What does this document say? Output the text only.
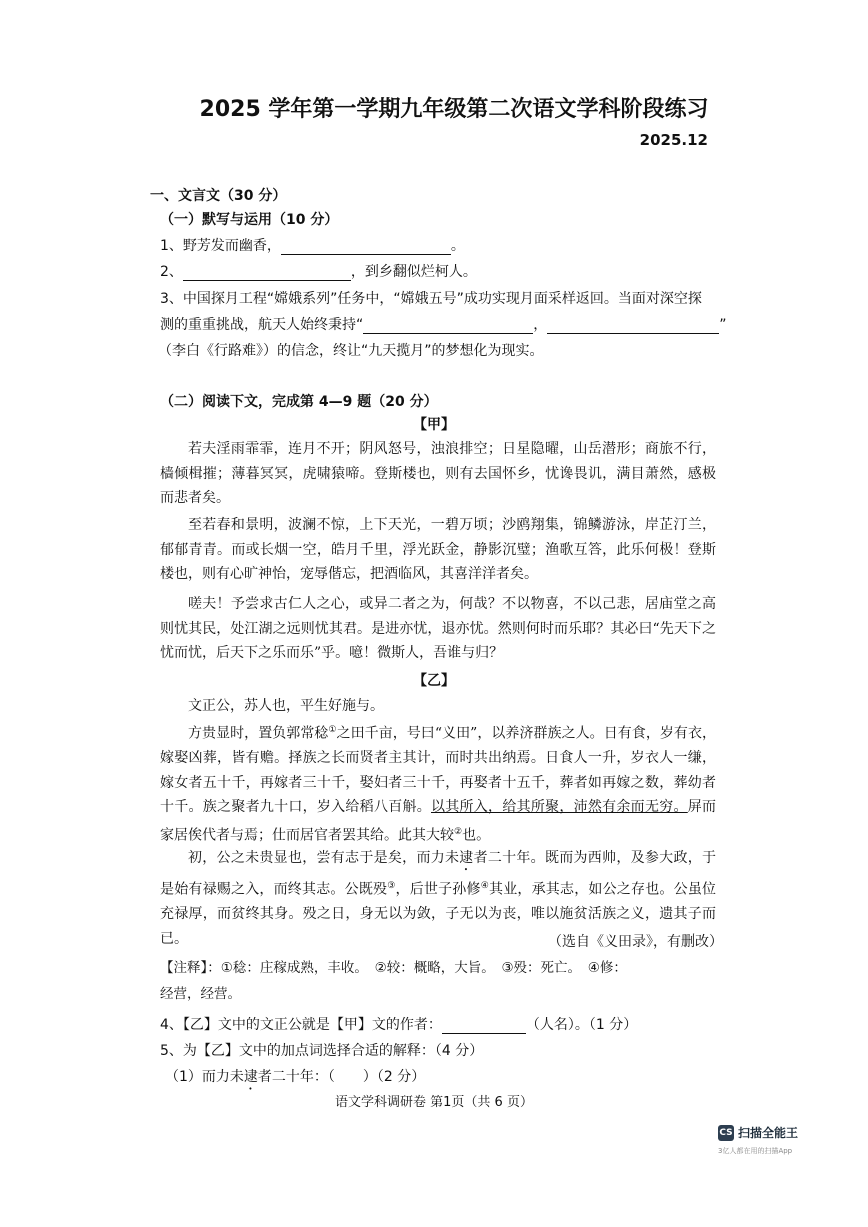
2025 学年第一学期九年级第二次语文学科阶段练习
2025.12
一、文言文（30 分）
（一）默写与运用（10 分）
1、野芳发而幽香，	。
2、	，到乡翻似烂柯人。
3、中国探月工程“嫦娥系列”任务中，“嫦娥五号”成功实现月面采样返回。当面对深空探
测的重重挑战，航天人始终秉持“	，	”
（李白《行路难》）的信念，终让“九天揽月”的梦想化为现实。
（二）阅读下文，完成第 4—9 题（20 分）
【甲】
若夫淫雨霏霏，连月不开；阴风怒号，浊浪排空；日星隐曜，山岳潜形；商旅不行，樯倾楫摧；薄暮冥冥，虎啸猿啼。登斯楼也，则有去国怀乡，忧谗畏讥，满目萧然，感极而悲者矣。
至若春和景明，波澜不惊，上下天光，一碧万顷；沙鸥翔集，锦鳞游泳，岸芷汀兰，郁郁青青。而或长烟一空，皓月千里，浮光跃金，静影沉璧；渔歌互答，此乐何极！登斯楼也，则有心旷神怡，宠辱偕忘，把酒临风，其喜洋洋者矣。
嗟夫！予尝求古仁人之心，或异二者之为，何哉？不以物喜，不以己悲，居庙堂之高则忧其民，处江湖之远则忧其君。是进亦忧，退亦忧。然则何时而乐耶？其必曰“先天下之忧而忧，后天下之乐而乐”乎。噫！微斯人，吾谁与归？
【乙】
文正公，苏人也，平生好施与。
方贵显时，置负郭常稔①之田千亩，号曰“义田”，以养济群族之人。日有食，岁有衣，嫁娶凶葬，皆有赡。择族之长而贤者主其计，而时共出纳焉。日食人一升，岁衣人一缣，嫁女者五十千，再嫁者三十千，娶妇者三十千，再娶者十五千，葬者如再嫁之数，葬幼者十千。族之聚者九十口，岁入给稻八百斛。以其所入，给其所聚，沛然有余而无穷。屏而家居俟代者与焉；仕而居官者罢其给。此其大较②也。
初，公之未贵显也，尝有志于是矣，而力未逮者二十年。既而为西帅，及参大政，于是始有禄赐之入，而终其志。公既殁③，后世子孙修④其业，承其志，如公之存也。公虽位充禄厚，而贫终其身。殁之日，身无以为敛，子无以为丧，唯以施贫活族之义，遗其子而已。	（选自《义田录》，有删改）
【注释】：①稔：庄稼成熟，丰收。　②较：概略，大旨。　③殁：死亡。　④修：
经营，经营。
4、【乙】文中的文正公就是【甲】文的作者：	（人名）。（1 分）
5、为【乙】文中的加点词选择合适的解释：（4 分）
（1）而力未逮者二十年：（　　）（2 分）
语文学科调研卷 第1页（共 6 页）
CS 扫描全能王
3亿人都在用的扫描App
